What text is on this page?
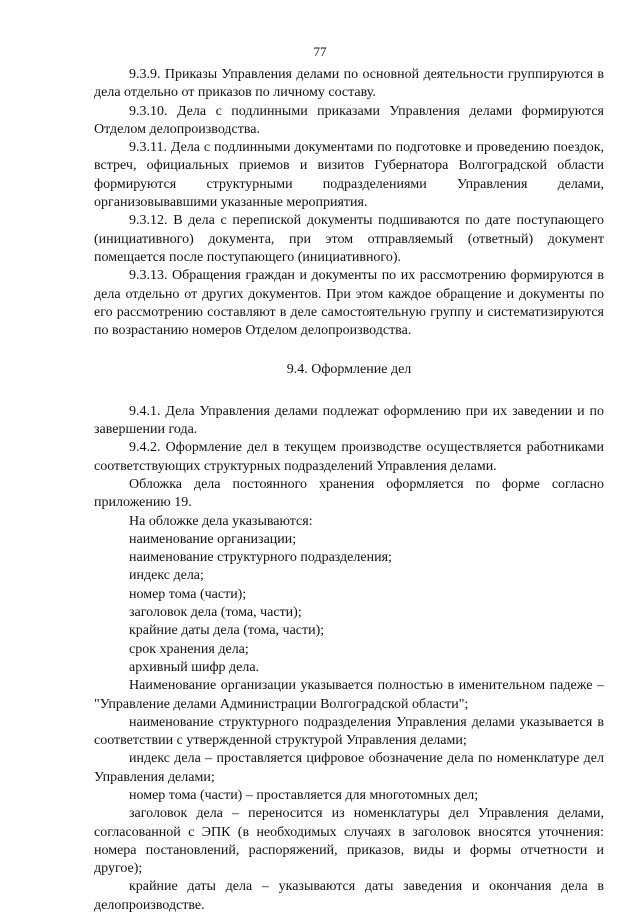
77

9.3.9. Приказы Управления делами по основной деятельности группируются в дела отдельно от приказов по личному составу.

9.3.10. Дела с подлинными приказами Управления делами формируются Отделом делопроизводства.

9.3.11. Дела с подлинными документами по подготовке и проведению поездок, встреч, официальных приемов и визитов Губернатора Волгоградской области формируются структурными подразделениями Управления делами, организовывавшими указанные мероприятия.

9.3.12. В дела с перепиской документы подшиваются по дате поступающего (инициативного) документа, при этом отправляемый (ответный) документ помещается после поступающего (инициативного).

9.3.13. Обращения граждан и документы по их рассмотрению формируются в дела отдельно от других документов. При этом каждое обращение и документы по его рассмотрению составляют в деле самостоятельную группу и систематизируются по возрастанию номеров Отделом делопроизводства.

9.4. Оформление дел

9.4.1. Дела Управления делами подлежат оформлению при их заведении и по завершении года.

9.4.2. Оформление дел в текущем производстве осуществляется работниками соответствующих структурных подразделений Управления делами.

Обложка дела постоянного хранения оформляется по форме согласно приложению 19.

На обложке дела указываются:

наименование организации;

наименование структурного подразделения;

индекс дела;

номер тома (части);

заголовок дела (тома, части);

крайние даты дела (тома, части);

срок хранения дела;

архивный шифр дела.

Наименование организации указывается полностью в именительном падеже – "Управление делами Администрации Волгоградской области";

наименование структурного подразделения Управления делами указывается в соответствии с утвержденной структурой Управления делами;

индекс дела – проставляется цифровое обозначение дела по номенклатуре дел Управления делами;

номер тома (части) – проставляется для многотомных дел;

заголовок дела – переносится из номенклатуры дел Управления делами, согласованной с ЭПК (в необходимых случаях в заголовок вносятся уточнения: номера постановлений, распоряжений, приказов, виды и формы отчетности и другое);

крайние даты дела – указываются даты заведения и окончания дела в делопроизводстве.
